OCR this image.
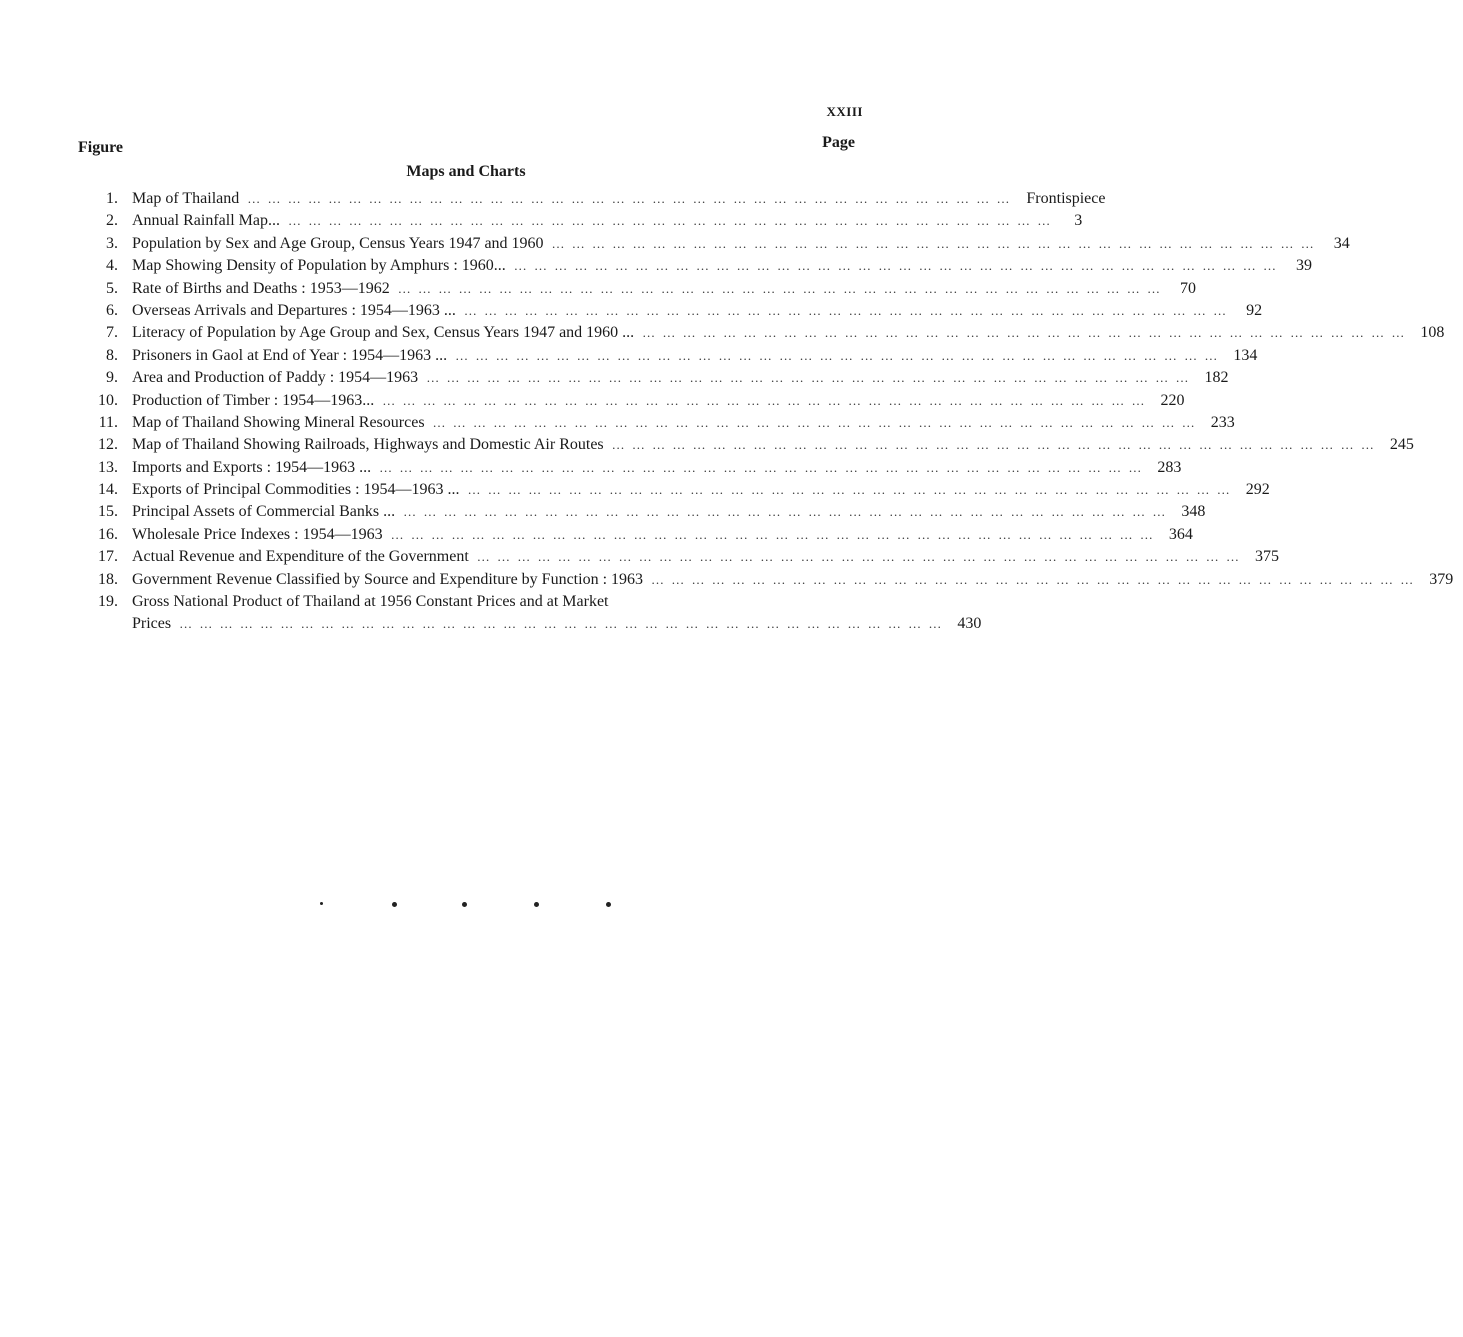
XXIII
Figure	Page
Maps and Charts
1. Map of Thailand … … … … … … … … … … … … … … … … … … … … … … … … … … … … … … … … … … … … … …	Frontispiece
2. Annual Rainfall Map... … … … … … … … … … … … … … … … … … … … … … … … … … … … … … … … … … … … … … …	3
3. Population by Sex and Age Group, Census Years 1947 and 1960 … … … … … … … … … … … … … … … … … … … … … … … … … … … … … … … … … … … … … …	34
4. Map Showing Density of Population by Amphurs : 1960... … … … … … … … … … … … … … … … … … … … … … … … … … … … … … … … … … … … … … …	39
5. Rate of Births and Deaths : 1953—1962 … … … … … … … … … … … … … … … … … … … … … … … … … … … … … … … … … … … … … …	70
6. Overseas Arrivals and Departures : 1954—1963 ... … … … … … … … … … … … … … … … … … … … … … … … … … … … … … … … … … … … … … …	92
7. Literacy of Population by Age Group and Sex, Census Years 1947 and 1960 ... … … … … … … … … … … … … … … … … … … … … … … … … … … … … … … … … … … … … … …	108
8. Prisoners in Gaol at End of Year : 1954—1963 ... … … … … … … … … … … … … … … … … … … … … … … … … … … … … … … … … … … … … … …	134
9. Area and Production of Paddy : 1954—1963 … … … … … … … … … … … … … … … … … … … … … … … … … … … … … … … … … … … … … …	182
10. Production of Timber : 1954—1963... … … … … … … … … … … … … … … … … … … … … … … … … … … … … … … … … … … … … … …	220
11. Map of Thailand Showing Mineral Resources … … … … … … … … … … … … … … … … … … … … … … … … … … … … … … … … … … … … … …	233
12. Map of Thailand Showing Railroads, Highways and Domestic Air Routes … … … … … … … … … … … … … … … … … … … … … … … … … … … … … … … … … … … … … …	245
13. Imports and Exports : 1954—1963 ... … … … … … … … … … … … … … … … … … … … … … … … … … … … … … … … … … … … … … …	283
14. Exports of Principal Commodities : 1954—1963 ... … … … … … … … … … … … … … … … … … … … … … … … … … … … … … … … … … … … … … …	292
15. Principal Assets of Commercial Banks ... … … … … … … … … … … … … … … … … … … … … … … … … … … … … … … … … … … … … … …	348
16. Wholesale Price Indexes : 1954—1963 … … … … … … … … … … … … … … … … … … … … … … … … … … … … … … … … … … … … … …	364
17. Actual Revenue and Expenditure of the Government … … … … … … … … … … … … … … … … … … … … … … … … … … … … … … … … … … … … … …	375
18. Government Revenue Classified by Source and Expenditure by Function : 1963 … … … … … … … … … … … … … … … … … … … … … … … … … … … … … … … … … … … … … …	379
19. Gross National Product of Thailand at 1956 Constant Prices and at Market
Prices … … … … … … … … … … … … … … … … … … … … … … … … … … … … … … … … … … … … … …	430
